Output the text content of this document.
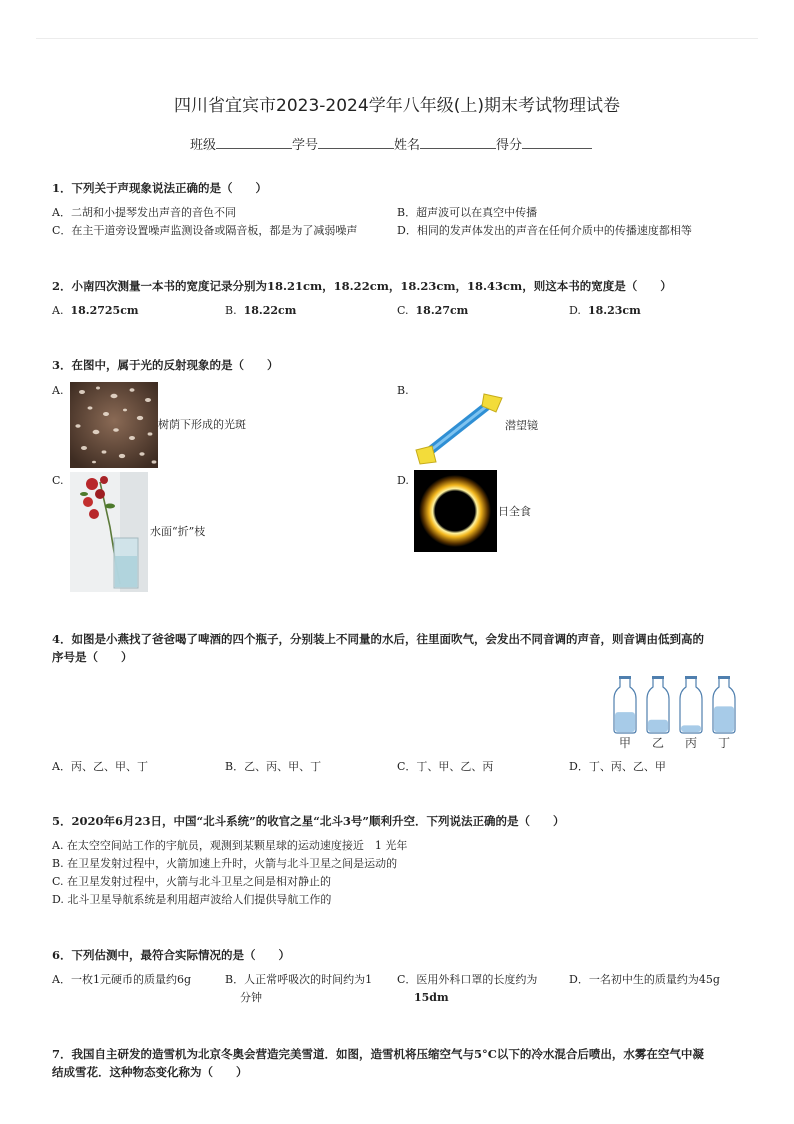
四川省宜宾市2023-2024学年八年级(上)期末考试物理试卷
班级	学号	姓名	得分
1．下列关于声现象说法正确的是（　　）
A．二胡和小提琴发出声音的音色不同	B．超声波可以在真空中传播
C．在主干道旁设置噪声监测设备或隔音板，都是为了减弱噪声	D．相同的发声体发出的声音在任何介质中的传播速度都相等
2．小南四次测量一本书的宽度记录分别为18.21cm，18.22cm，18.23cm，18.43cm，则这本书的宽度是（　　）
A. 18.2725cm	B. 18.22cm	C. 18.27cm	D. 18.23cm
3．在图中，属于光的反射现象的是（　　）
A.
树荫下形成的光斑
B.
潜望镜
C.
水面“折”枝
D.
日全食
4．如图是小燕找了爸爸喝了啤酒的四个瓶子，分别装上不同量的水后，往里面吹气，会发出不同音调的声音，则音调由低到高的
序号是（　　）
甲 乙 丙 丁
A．丙、乙、甲、丁	B．乙、丙、甲、丁	C．丁、甲、乙、丙	D．丁、丙、乙、甲
5．2020年6月23日，中国“北斗系统”的收官之星“北斗3号”顺利升空．下列说法正确的是（　　）
A. 在太空空间站工作的宇航员，观测到某颗星球的运动速度接近　1 光年
B. 在卫星发射过程中，火箭加速上升时，火箭与北斗卫星之间是运动的
C. 在卫星发射过程中，火箭与北斗卫星之间是相对静止的
D. 北斗卫星导航系统是利用超声波给人们提供导航工作的
6．下列估测中，最符合实际情况的是（　　）
A．一枚1元硬币的质量约6g	B．人正常呼吸次的时间约为1
分钟
C．医用外科口罩的长度约为
15dm
D．一名初中生的质量约为45g
7．我国自主研发的造雪机为北京冬奥会营造完美雪道．如图，造雪机将压缩空气与5°C以下的冷水混合后喷出，水雾在空气中凝
结成雪花．这种物态变化称为（　　）
